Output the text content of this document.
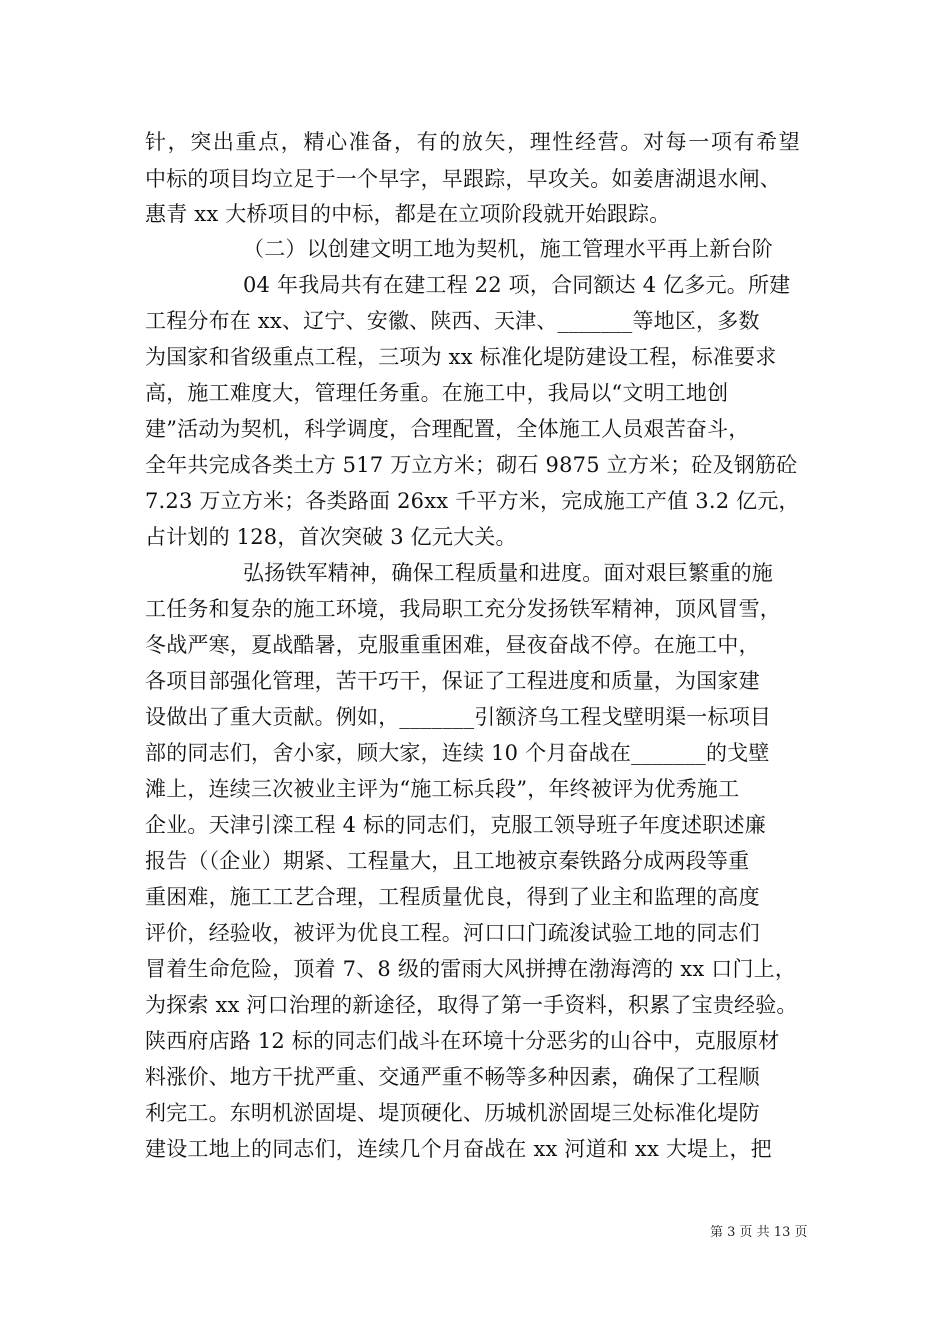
针，突出重点，精心准备，有的放矢，理性经营。对每一项有希望
中标的项目均立足于一个早字，早跟踪，早攻关。如姜唐湖退水闸、
惠青 xx 大桥项目的中标，都是在立项阶段就开始跟踪。
（二）以创建文明工地为契机，施工管理水平再上新台阶
04 年我局共有在建工程 22 项，合同额达 4 亿多元。所建
工程分布在 xx、辽宁、安徽、陕西、天津、_______等地区，多数
为国家和省级重点工程，三项为 xx 标准化堤防建设工程，标准要求
高，施工难度大，管理任务重。在施工中，我局以“文明工地创
建”活动为契机，科学调度，合理配置，全体施工人员艰苦奋斗，
全年共完成各类土方 517 万立方米；砌石 9875 立方米；砼及钢筋砼
7.23 万立方米；各类路面 26xx 千平方米，完成施工产值 3.2 亿元，
占计划的 128，首次突破 3 亿元大关。
弘扬铁军精神，确保工程质量和进度。面对艰巨繁重的施
工任务和复杂的施工环境，我局职工充分发扬铁军精神，顶风冒雪，
冬战严寒，夏战酷暑，克服重重困难，昼夜奋战不停。在施工中，
各项目部强化管理，苦干巧干，保证了工程进度和质量，为国家建
设做出了重大贡献。例如，_______引额济乌工程戈壁明渠一标项目
部的同志们，舍小家，顾大家，连续 10 个月奋战在_______的戈壁
滩上，连续三次被业主评为“施工标兵段”，年终被评为优秀施工
企业。天津引滦工程 4 标的同志们，克服工领导班子年度述职述廉
报告（（企业）期紧、工程量大，且工地被京秦铁路分成两段等重
重困难，施工工艺合理，工程质量优良，得到了业主和监理的高度
评价，经验收，被评为优良工程。河口口门疏浚试验工地的同志们
冒着生命危险，顶着 7、8 级的雷雨大风拼搏在渤海湾的 xx 口门上，
为探索 xx 河口治理的新途径，取得了第一手资料，积累了宝贵经验。
陕西府店路 12 标的同志们战斗在环境十分恶劣的山谷中，克服原材
料涨价、地方干扰严重、交通严重不畅等多种因素，确保了工程顺
利完工。东明机淤固堤、堤顶硬化、历城机淤固堤三处标准化堤防
建设工地上的同志们，连续几个月奋战在 xx 河道和 xx 大堤上，把
第 3 页 共 13 页
